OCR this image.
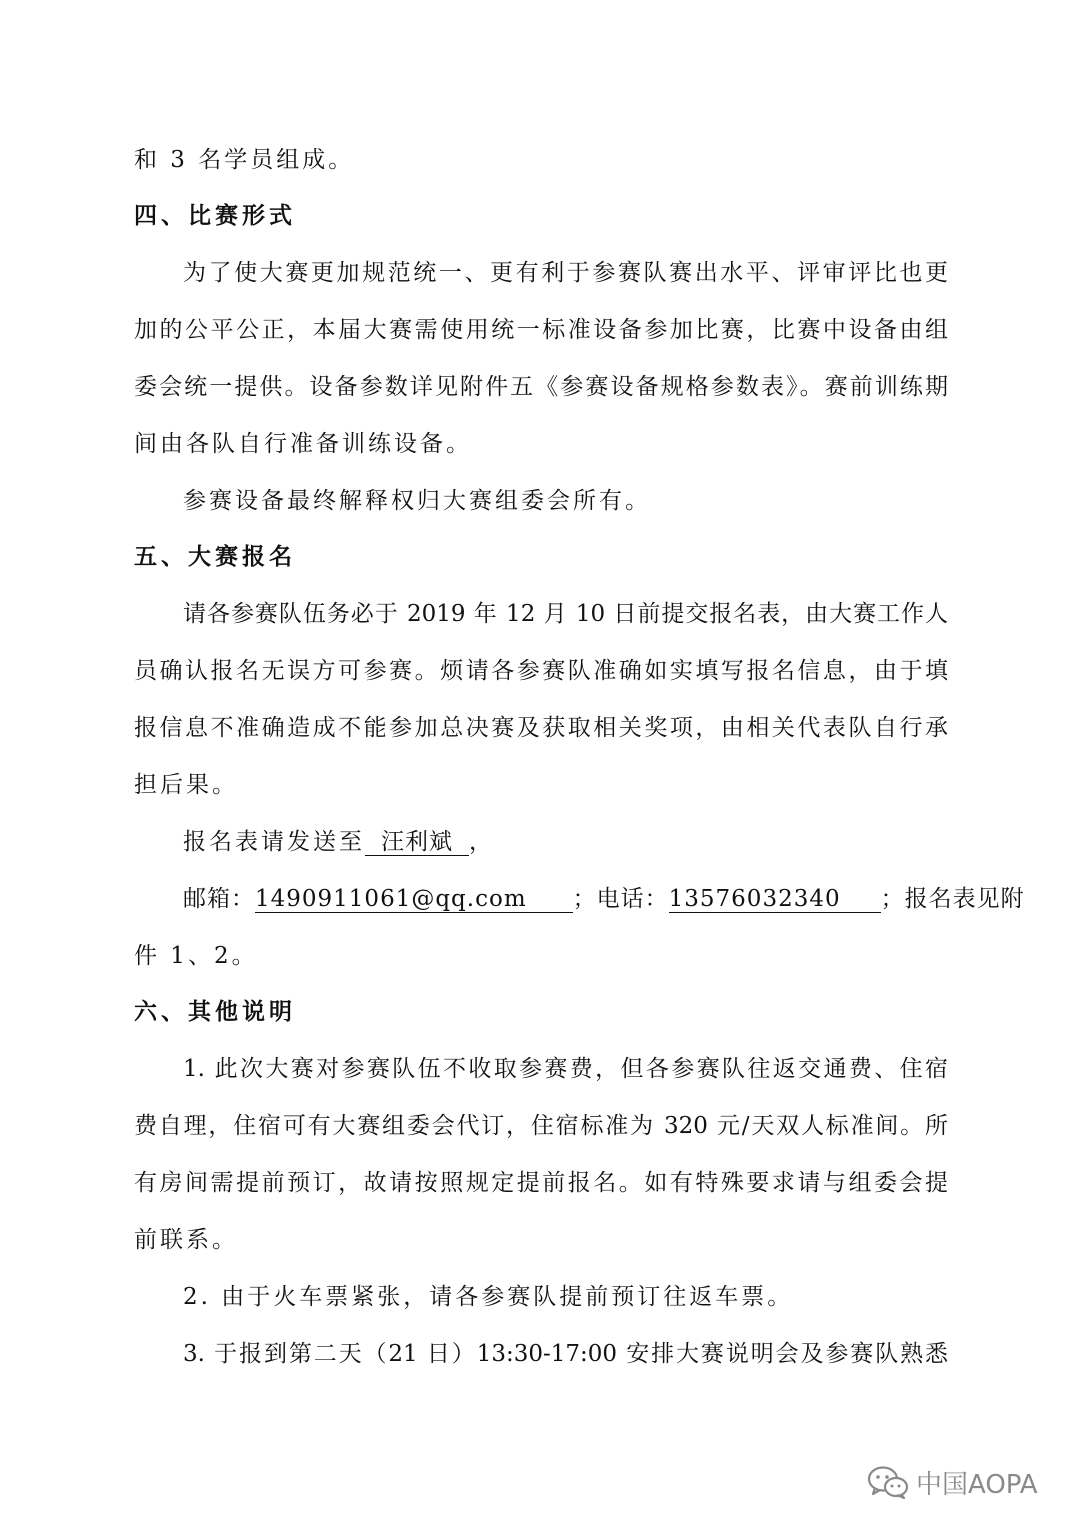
和 3 名学员组成。
四、比赛形式
为了使大赛更加规范统一、更有利于参赛队赛出水平、评审评比也更
加的公平公正，本届大赛需使用统一标准设备参加比赛，比赛中设备由组
委会统一提供。设备参数详见附件五《参赛设备规格参数表》。赛前训练期
间由各队自行准备训练设备。
参赛设备最终解释权归大赛组委会所有。
五、大赛报名
请各参赛队伍务必于 2019 年 12 月 10 日前提交报名表，由大赛工作人
员确认报名无误方可参赛。烦请各参赛队准确如实填写报名信息，由于填
报信息不准确造成不能参加总决赛及获取相关奖项，由相关代表队自行承
担后果。
报名表请发送至 汪利斌 ，
邮箱：1490911061@qq.com ；电话：13576032340 ；报名表见附
件 1、2。
六、其他说明
1. 此次大赛对参赛队伍不收取参赛费，但各参赛队往返交通费、住宿
费自理，住宿可有大赛组委会代订，住宿标准为 320 元/天双人标准间。所
有房间需提前预订，故请按照规定提前报名。如有特殊要求请与组委会提
前联系。
2. 由于火车票紧张，请各参赛队提前预订往返车票。
3. 于报到第二天（21 日）13:30-17:00 安排大赛说明会及参赛队熟悉
中国AOPA
